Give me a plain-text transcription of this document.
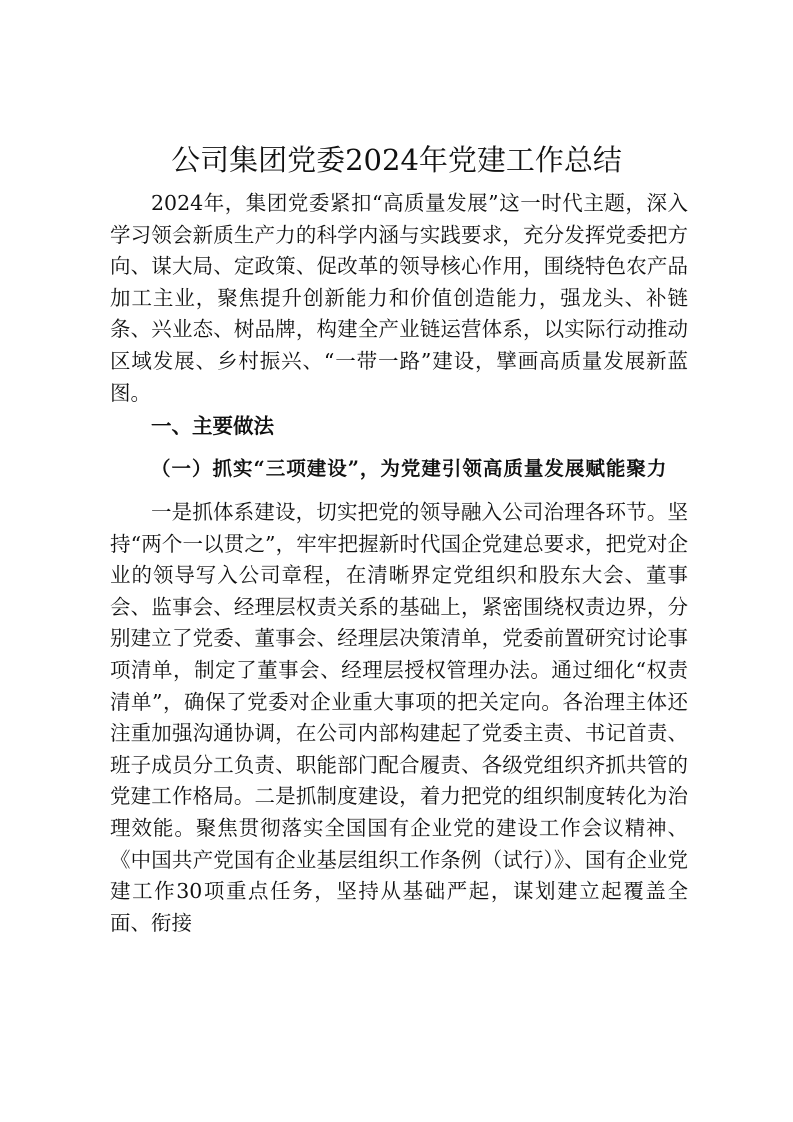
公司集团党委2024年党建工作总结
2024年，集团党委紧扣“高质量发展”这一时代主题，深入学习领会新质生产力的科学内涵与实践要求，充分发挥党委把方向、谋大局、定政策、促改革的领导核心作用，围绕特色农产品加工主业，聚焦提升创新能力和价值创造能力，强龙头、补链条、兴业态、树品牌，构建全产业链运营体系，以实际行动推动区域发展、乡村振兴、“一带一路”建设，擘画高质量发展新蓝图。
一、主要做法
（一）抓实“三项建设”，为党建引领高质量发展赋能聚力
一是抓体系建设，切实把党的领导融入公司治理各环节。坚持“两个一以贯之”，牢牢把握新时代国企党建总要求，把党对企业的领导写入公司章程，在清晰界定党组织和股东大会、董事会、监事会、经理层权责关系的基础上，紧密围绕权责边界，分别建立了党委、董事会、经理层决策清单，党委前置研究讨论事项清单，制定了董事会、经理层授权管理办法。通过细化“权责清单”，确保了党委对企业重大事项的把关定向。各治理主体还注重加强沟通协调，在公司内部构建起了党委主责、书记首责、班子成员分工负责、职能部门配合履责、各级党组织齐抓共管的党建工作格局。二是抓制度建设，着力把党的组织制度转化为治理效能。聚焦贯彻落实全国国有企业党的建设工作会议精神、《中国共产党国有企业基层组织工作条例（试行）》、国有企业党建工作30项重点任务，坚持从基础严起，谋划建立起覆盖全面、衔接
